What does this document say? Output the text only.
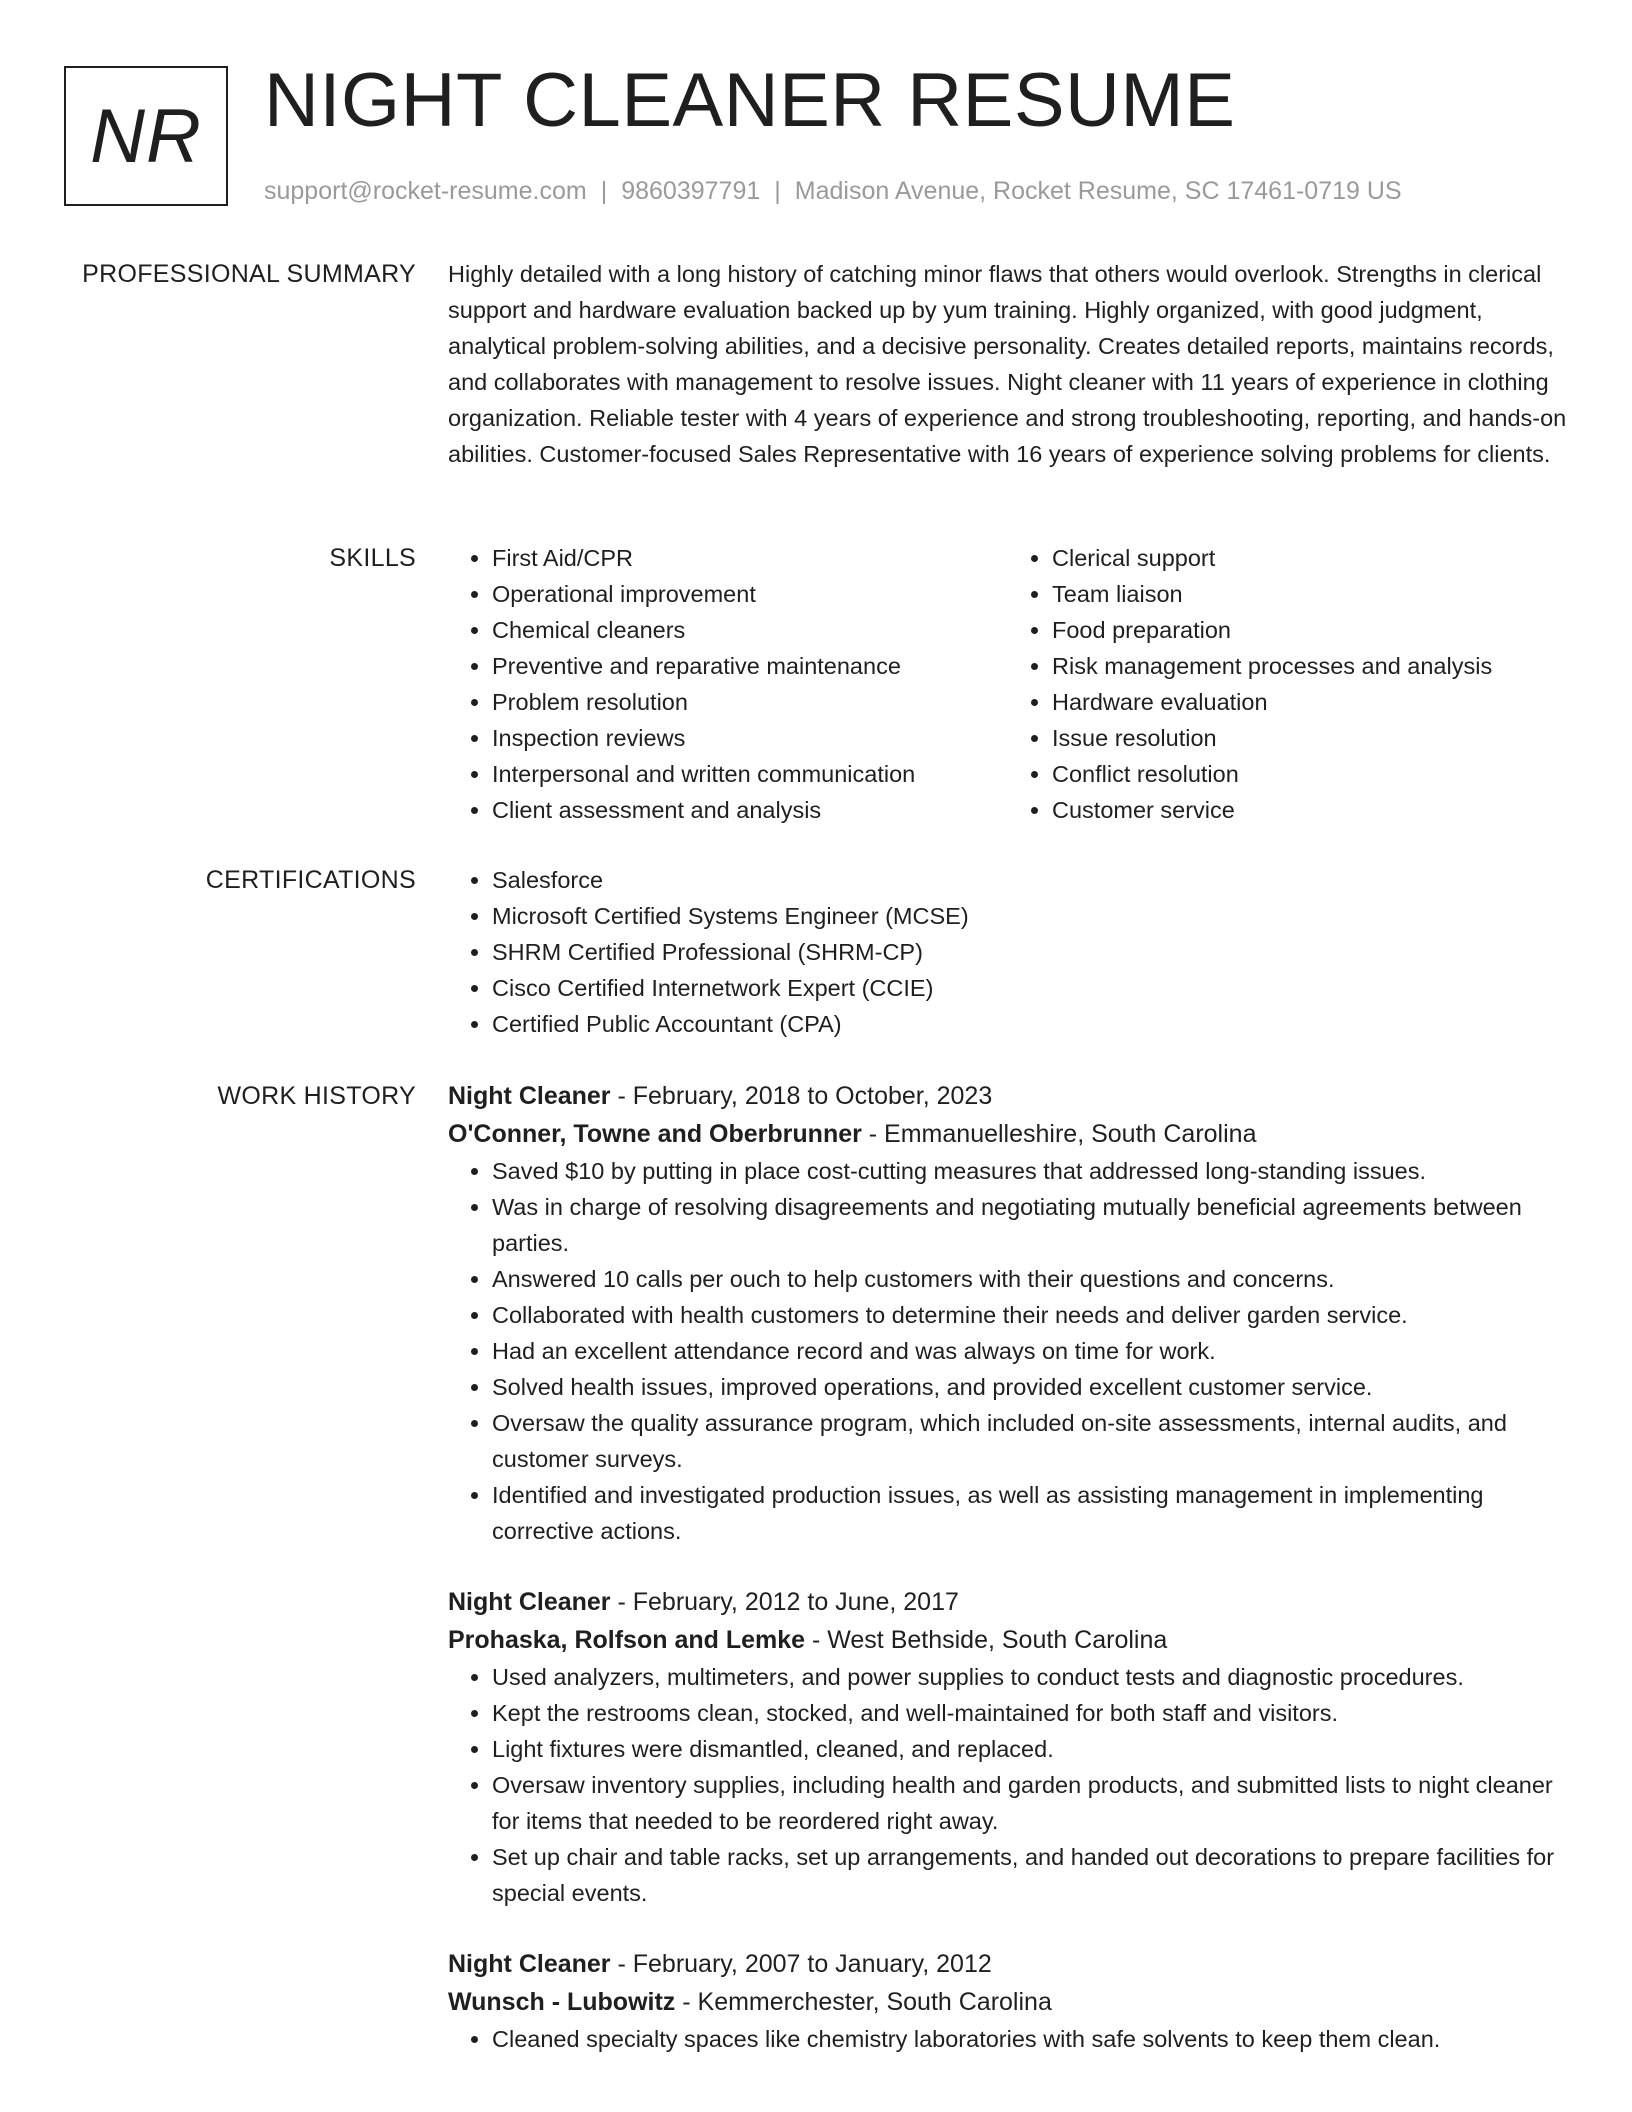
NR NIGHT CLEANER RESUME
support@rocket-resume.com | 9860397791 | Madison Avenue, Rocket Resume, SC 17461-0719 US
PROFESSIONAL SUMMARY Highly detailed with a long history of catching minor flaws that others would overlook. Strengths in clerical support and hardware evaluation backed up by yum training. Highly organized, with good judgment, analytical problem-solving abilities, and a decisive personality. Creates detailed reports, maintains records, and collaborates with management to resolve issues. Night cleaner with 11 years of experience in clothing organization. Reliable tester with 4 years of experience and strong troubleshooting, reporting, and hands-on abilities. Customer-focused Sales Representative with 16 years of experience solving problems for clients.

SKILLS	• First Aid/CPR
• Operational improvement
• Chemical cleaners
• Preventive and reparative maintenance
• Problem resolution
• Inspection reviews
• Interpersonal and written communication
• Client assessment and analysis
• Clerical support
• Team liaison
• Food preparation
• Risk management processes and analysis
• Hardware evaluation
• Issue resolution
• Conflict resolution
• Customer service
CERTIFICATIONS	• Salesforce
• Microsoft Certified Systems Engineer (MCSE)
• SHRM Certified Professional (SHRM-CP)
• Cisco Certified Internetwork Expert (CCIE)
• Certified Public Accountant (CPA)
WORK HISTORY Night Cleaner - February, 2018 to October, 2023
O'Conner, Towne and Oberbrunner - Emmanuelleshire, South Carolina
• Saved $10 by putting in place cost-cutting measures that addressed long-standing issues.
• Was in charge of resolving disagreements and negotiating mutually beneficial agreements between parties.
• Answered 10 calls per ouch to help customers with their questions and concerns.
• Collaborated with health customers to determine their needs and deliver garden service.
• Had an excellent attendance record and was always on time for work.
• Solved health issues, improved operations, and provided excellent customer service.
• Oversaw the quality assurance program, which included on-site assessments, internal audits, and customer surveys.
• Identified and investigated production issues, as well as assisting management in implementing corrective actions.
Night Cleaner - February, 2012 to June, 2017
Prohaska, Rolfson and Lemke - West Bethside, South Carolina
• Used analyzers, multimeters, and power supplies to conduct tests and diagnostic procedures.
• Kept the restrooms clean, stocked, and well-maintained for both staff and visitors.
• Light fixtures were dismantled, cleaned, and replaced.
• Oversaw inventory supplies, including health and garden products, and submitted lists to night cleaner for items that needed to be reordered right away.
• Set up chair and table racks, set up arrangements, and handed out decorations to prepare facilities for special events.
Night Cleaner - February, 2007 to January, 2012
Wunsch - Lubowitz - Kemmerchester, South Carolina
• Cleaned specialty spaces like chemistry laboratories with safe solvents to keep them clean.
